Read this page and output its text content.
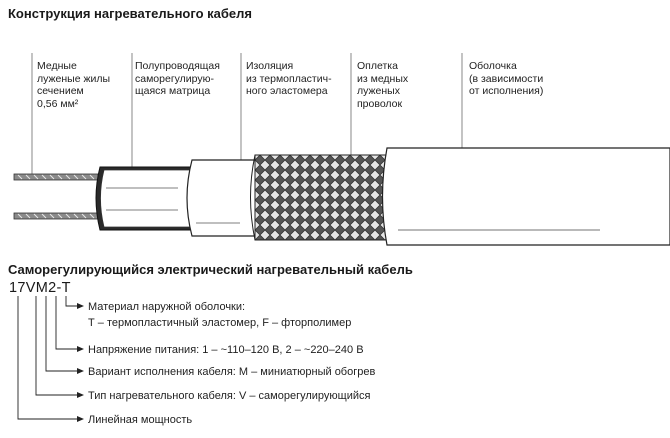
Конструкция нагревательного кабеля
Медные
луженые жилы
сечением
0,56 мм²
Полупроводящая
саморегулирую-
щаяся матрица
Изоляция
из термопластич-
ного эластомера
Оплетка
из медных
луженых
проволок
Оболочка
(в зависимости
от исполнения)
Саморегулирующийся электрический нагревательный кабель
17VM2-T
Материал наружной оболочки:
Т – термопластичный эластомер, F – фторполимер
Напряжение питания: 1 – ~110–120 В, 2 – ~220–240 В
Вариант исполнения кабеля: M – миниатюрный обогрев
Тип нагревательного кабеля: V – саморегулирующийся
Линейная мощность
